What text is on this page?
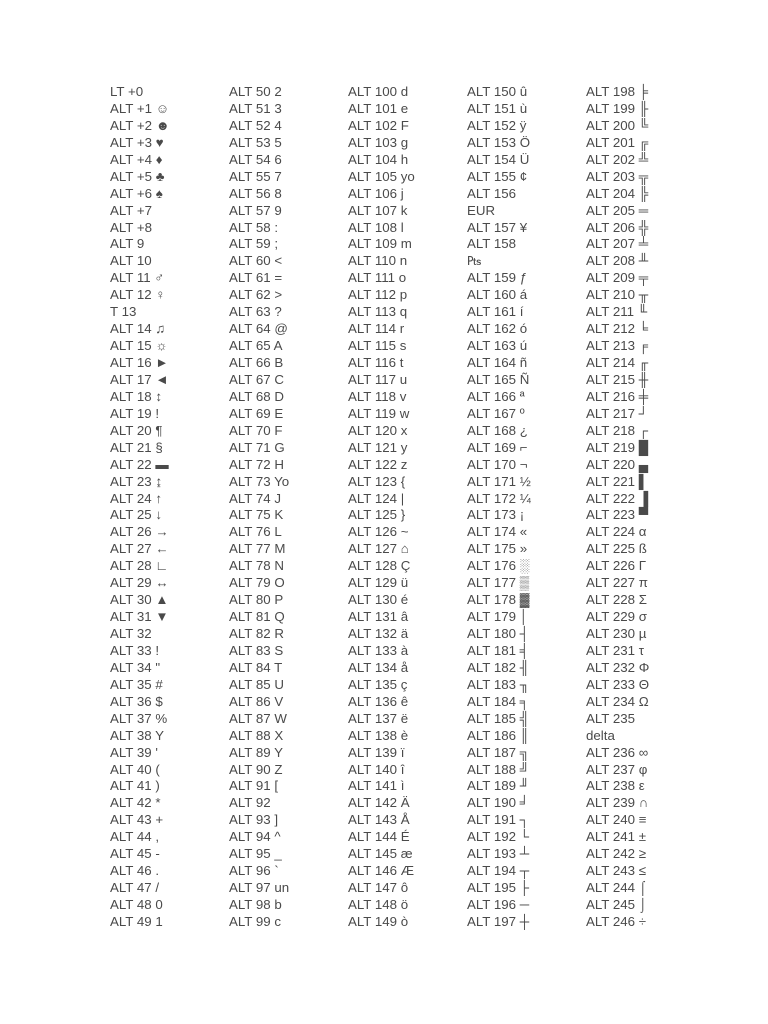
LT +0
ALT +1 ☺
ALT +2 ☻
ALT +3 ♥
ALT +4 ♦
ALT +5 ♣
ALT +6 ♠
ALT +7
ALT +8
ALT 9
ALT 10
ALT 11 ♂
ALT 12 ♀
T 13
ALT 14 ♫
ALT 15 ☼
ALT 16 ►
ALT 17 ◄
ALT 18 ↕
ALT 19 !
ALT 20 ¶
ALT 21 §
ALT 22 ▬
ALT 23 ↨
ALT 24 ↑
ALT 25 ↓
ALT 26 →
ALT 27 ←
ALT 28 ∟
ALT 29 ↔
ALT 30 ▲
ALT 31 ▼
ALT 32
ALT 33 !
ALT 34 "
ALT 35 #
ALT 36 $
ALT 37 %
ALT 38 Y
ALT 39 '
ALT 40 (
ALT 41 )
ALT 42 *
ALT 43 +
ALT 44 ,
ALT 45 -
ALT 46 .
ALT 47 /
ALT 48 0
ALT 49 1
ALT 50 2
ALT 51 3
ALT 52 4
ALT 53 5
ALT 54 6
ALT 55 7
ALT 56 8
ALT 57 9
ALT 58 :
ALT 59 ;
ALT 60 <
ALT 61 =
ALT 62 >
ALT 63 ?
ALT 64 @
ALT 65 A
ALT 66 B
ALT 67 C
ALT 68 D
ALT 69 E
ALT 70 F
ALT 71 G
ALT 72 H
ALT 73 Yo
ALT 74 J
ALT 75 K
ALT 76 L
ALT 77 M
ALT 78 N
ALT 79 O
ALT 80 P
ALT 81 Q
ALT 82 R
ALT 83 S
ALT 84 T
ALT 85 U
ALT 86 V
ALT 87 W
ALT 88 X
ALT 89 Y
ALT 90 Z
ALT 91 [
ALT 92
ALT 93 ]
ALT 94 ^
ALT 95 _
ALT 96 `
ALT 97 un
ALT 98 b
ALT 99 c
ALT 100 d
ALT 101 e
ALT 102 F
ALT 103 g
ALT 104 h
ALT 105 yo
ALT 106 j
ALT 107 k
ALT 108 l
ALT 109 m
ALT 110 n
ALT 111 o
ALT 112 p
ALT 113 q
ALT 114 r
ALT 115 s
ALT 116 t
ALT 117 u
ALT 118 v
ALT 119 w
ALT 120 x
ALT 121 y
ALT 122 z
ALT 123 {
ALT 124 |
ALT 125 }
ALT 126 ~
ALT 127 ⌂
ALT 128 Ç
ALT 129 ü
ALT 130 é
ALT 131 â
ALT 132 ä
ALT 133 à
ALT 134 å
ALT 135 ç
ALT 136 ê
ALT 137 ë
ALT 138 è
ALT 139 ï
ALT 140 î
ALT 141 ì
ALT 142 Ä
ALT 143 Å
ALT 144 É
ALT 145 æ
ALT 146 Æ
ALT 147 ô
ALT 148 ö
ALT 149 ò
ALT 150 û
ALT 151 ù
ALT 152 ÿ
ALT 153 Ö
ALT 154 Ü
ALT 155 ¢
ALT 156
EUR
ALT 157 ¥
ALT 158
₧
ALT 159 ƒ
ALT 160 á
ALT 161 í
ALT 162 ó
ALT 163 ú
ALT 164 ñ
ALT 165 Ñ
ALT 166 ª
ALT 167 º
ALT 168 ¿
ALT 169 ⌐
ALT 170 ¬
ALT 171 ½
ALT 172 ¼
ALT 173 ¡
ALT 174 «
ALT 175 »
ALT 176 ░
ALT 177 ▒
ALT 178 ▓
ALT 179 │
ALT 180 ┤
ALT 181 ╡
ALT 182 ╢
ALT 183 ╖
ALT 184 ╕
ALT 185 ╣
ALT 186 ║
ALT 187 ╗
ALT 188 ╝
ALT 189 ╜
ALT 190 ╛
ALT 191 ┐
ALT 192 └
ALT 193 ┴
ALT 194 ┬
ALT 195 ├
ALT 196 ─
ALT 197 ┼
ALT 198 ╞
ALT 199 ╟
ALT 200 ╚
ALT 201 ╔
ALT 202 ╩
ALT 203 ╦
ALT 204 ╠
ALT 205 ═
ALT 206 ╬
ALT 207 ╧
ALT 208 ╨
ALT 209 ╤
ALT 210 ╥
ALT 211 ╙
ALT 212 ╘
ALT 213 ╒
ALT 214 ╓
ALT 215 ╫
ALT 216 ╪
ALT 217 ┘
ALT 218 ┌
ALT 219 █
ALT 220 ▄
ALT 221 ▌
ALT 222 ▐
ALT 223 ▀
ALT 224 α
ALT 225 ß
ALT 226 Γ
ALT 227 π
ALT 228 Σ
ALT 229 σ
ALT 230 µ
ALT 231 τ
ALT 232 Φ
ALT 233 Θ
ALT 234 Ω
ALT 235
delta
ALT 236 ∞
ALT 237 φ
ALT 238 ε
ALT 239 ∩
ALT 240 ≡
ALT 241 ±
ALT 242 ≥
ALT 243 ≤
ALT 244 ⌠
ALT 245 ⌡
ALT 246 ÷
